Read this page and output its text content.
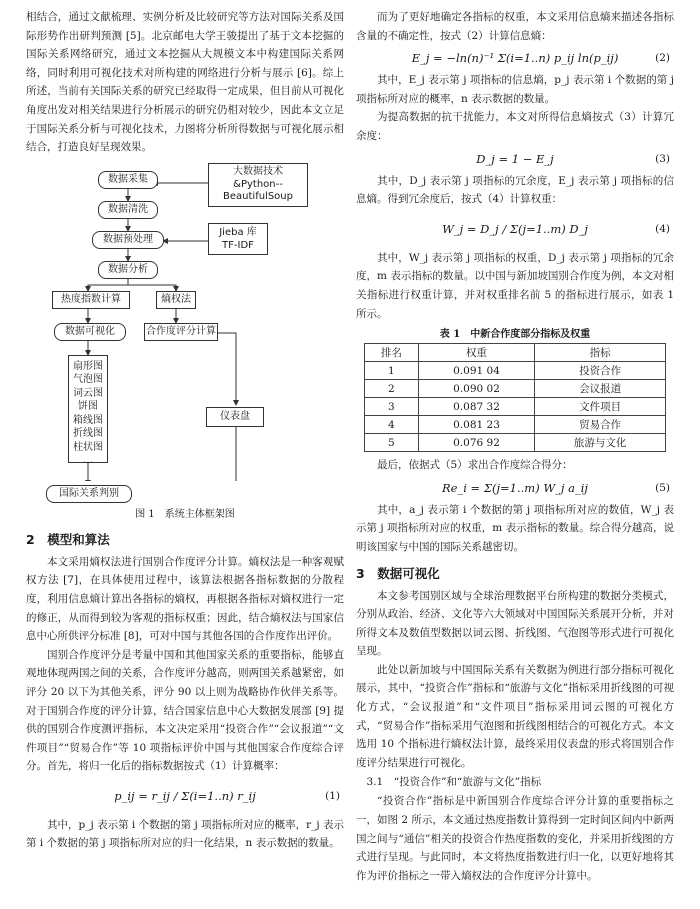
相结合，通过文献梳理、实例分析及比较研究等方法对国际关系及国际形势作出研判预测 [5]。北京邮电大学王骏提出了基于文本挖掘的国际关系网络研究，通过文本挖掘从大规模文本中构建国际关系网络，同时利用可视化技术对所构建的网络进行分析与展示 [6]。综上所述，当前有关国际关系的研究已经取得一定成果，但目前从可视化角度出发对相关结果进行分析展示的研究仍相对较少，因此本文立足于国际关系分析与可视化技术，力图将分析所得数据与可视化展示相结合，打造良好呈现效果。

数据采集
数据清洗
数据预处理
数据分析
大数据技术
&Python--
BeautifulSoup
Jieba 库
TF-IDF
热度指数计算	熵权法
数据可视化	合作度评分计算
扇形图
气泡图
词云图
饼图
箱线图
折线图
柱状图
…
仪表盘
国际关系判别
图 1　系统主体框架图
2　模型和算法

本文采用熵权法进行国别合作度评分计算。熵权法是一种客观赋权方法 [7]，在具体使用过程中，该算法根据各指标数据的分散程度，利用信息熵计算出各指标的熵权，再根据各指标对熵权进行一定的修正，从而得到较为客观的指标权重；因此，结合熵权法与国家信息中心所供评分标准 [8]，可对中国与其他各国的合作度作出评价。

国别合作度评分是考量中国和其他国家关系的重要指标，能够直观地体现两国之间的关系，合作度评分越高，则两国关系越紧密，如评分 20 以下为其他关系，评分 90 以上则为战略协作伙伴关系等。对于国别合作度的评分计算，结合国家信息中心大数据发展部 [9] 提供的国别合作度测评指标，本文决定采用“投资合作”“会议报道”“文件项目”“贸易合作”等 10 项指标评价中国与其他国家合作度综合评分。首先，将归一化后的指标数据按式（1）计算概率：

p_ij = r_ij / Σ(i=1..n) r_ij	(1)

其中，p_j 表示第 i 个数据的第 j 项指标所对应的概率，r_j 表示第 i 个数据的第 j 项指标所对应的归一化结果，n 表示数据的数量。

而为了更好地确定各指标的权重，本文采用信息熵来描述各指标含量的不确定性，按式（2）计算信息熵：

E_j = −ln(n)⁻¹ Σ(i=1..n) p_ij ln(p_ij)	(2)

其中，E_j 表示第 j 项指标的信息熵，p_j 表示第 i 个数据的第 j 项指标所对应的概率，n 表示数据的数量。

为提高数据的抗干扰能力，本文对所得信息熵按式（3）计算冗余度：

D_j = 1 − E_j	(3)

其中，D_j 表示第 j 项指标的冗余度，E_j 表示第 j 项指标的信息熵。得到冗余度后，按式（4）计算权重：

W_j = D_j / Σ(j=1..m) D_j	(4)

其中，W_j 表示第 j 项指标的权重，D_j 表示第 j 项指标的冗余度，m 表示指标的数量。以中国与新加坡国别合作度为例，本文对相关指标进行权重计算，并对权重排名前 5 的指标进行展示，如表 1 所示。

表 1　中新合作度部分指标及权重
排名	权重	指标
1	0.091 04	投资合作
2	0.090 02	会议报道
3	0.087 32	文件项目
4	0.081 23	贸易合作
5	0.076 92	旅游与文化

最后，依据式（5）求出合作度综合得分：

Re_i = Σ(j=1..m) W_j a_ij	(5)

其中，a_j 表示第 i 个数据的第 j 项指标所对应的数值，W_j 表示第 j 项指标所对应的权重，m 表示指标的数量。综合得分越高，说明该国家与中国的国际关系越密切。

3　数据可视化

本文参考国别区域与全球治理数据平台所构建的数据分类模式，分别从政治、经济、文化等六大领域对中国国际关系展开分析，并对所得文本及数值型数据以词云图、折线图、气泡图等形式进行可视化呈现。

此处以新加坡与中国国际关系有关数据为例进行部分指标可视化展示，其中，“投资合作”指标和“旅游与文化”指标采用折线图的可视化方式，“会议报道”和“文件项目”指标采用词云图的可视化方式，“贸易合作”指标采用气泡图和折线图相结合的可视化方式。本文选用 10 个指标进行熵权法计算，最终采用仪表盘的形式将国别合作度评分结果进行可视化。

3.1　“投资合作”和“旅游与文化”指标

“投资合作”指标是中新国别合作度综合评分计算的重要指标之一，如图 2 所示，本文通过热度指数计算得到一定时间区间内中新两国之间与“通信”相关的投资合作热度指数的变化，并采用折线图的方式进行呈现。与此同时，本文将热度指数进行归一化，以更好地将其作为评价指标之一带入熵权法的合作度评分计算中。
